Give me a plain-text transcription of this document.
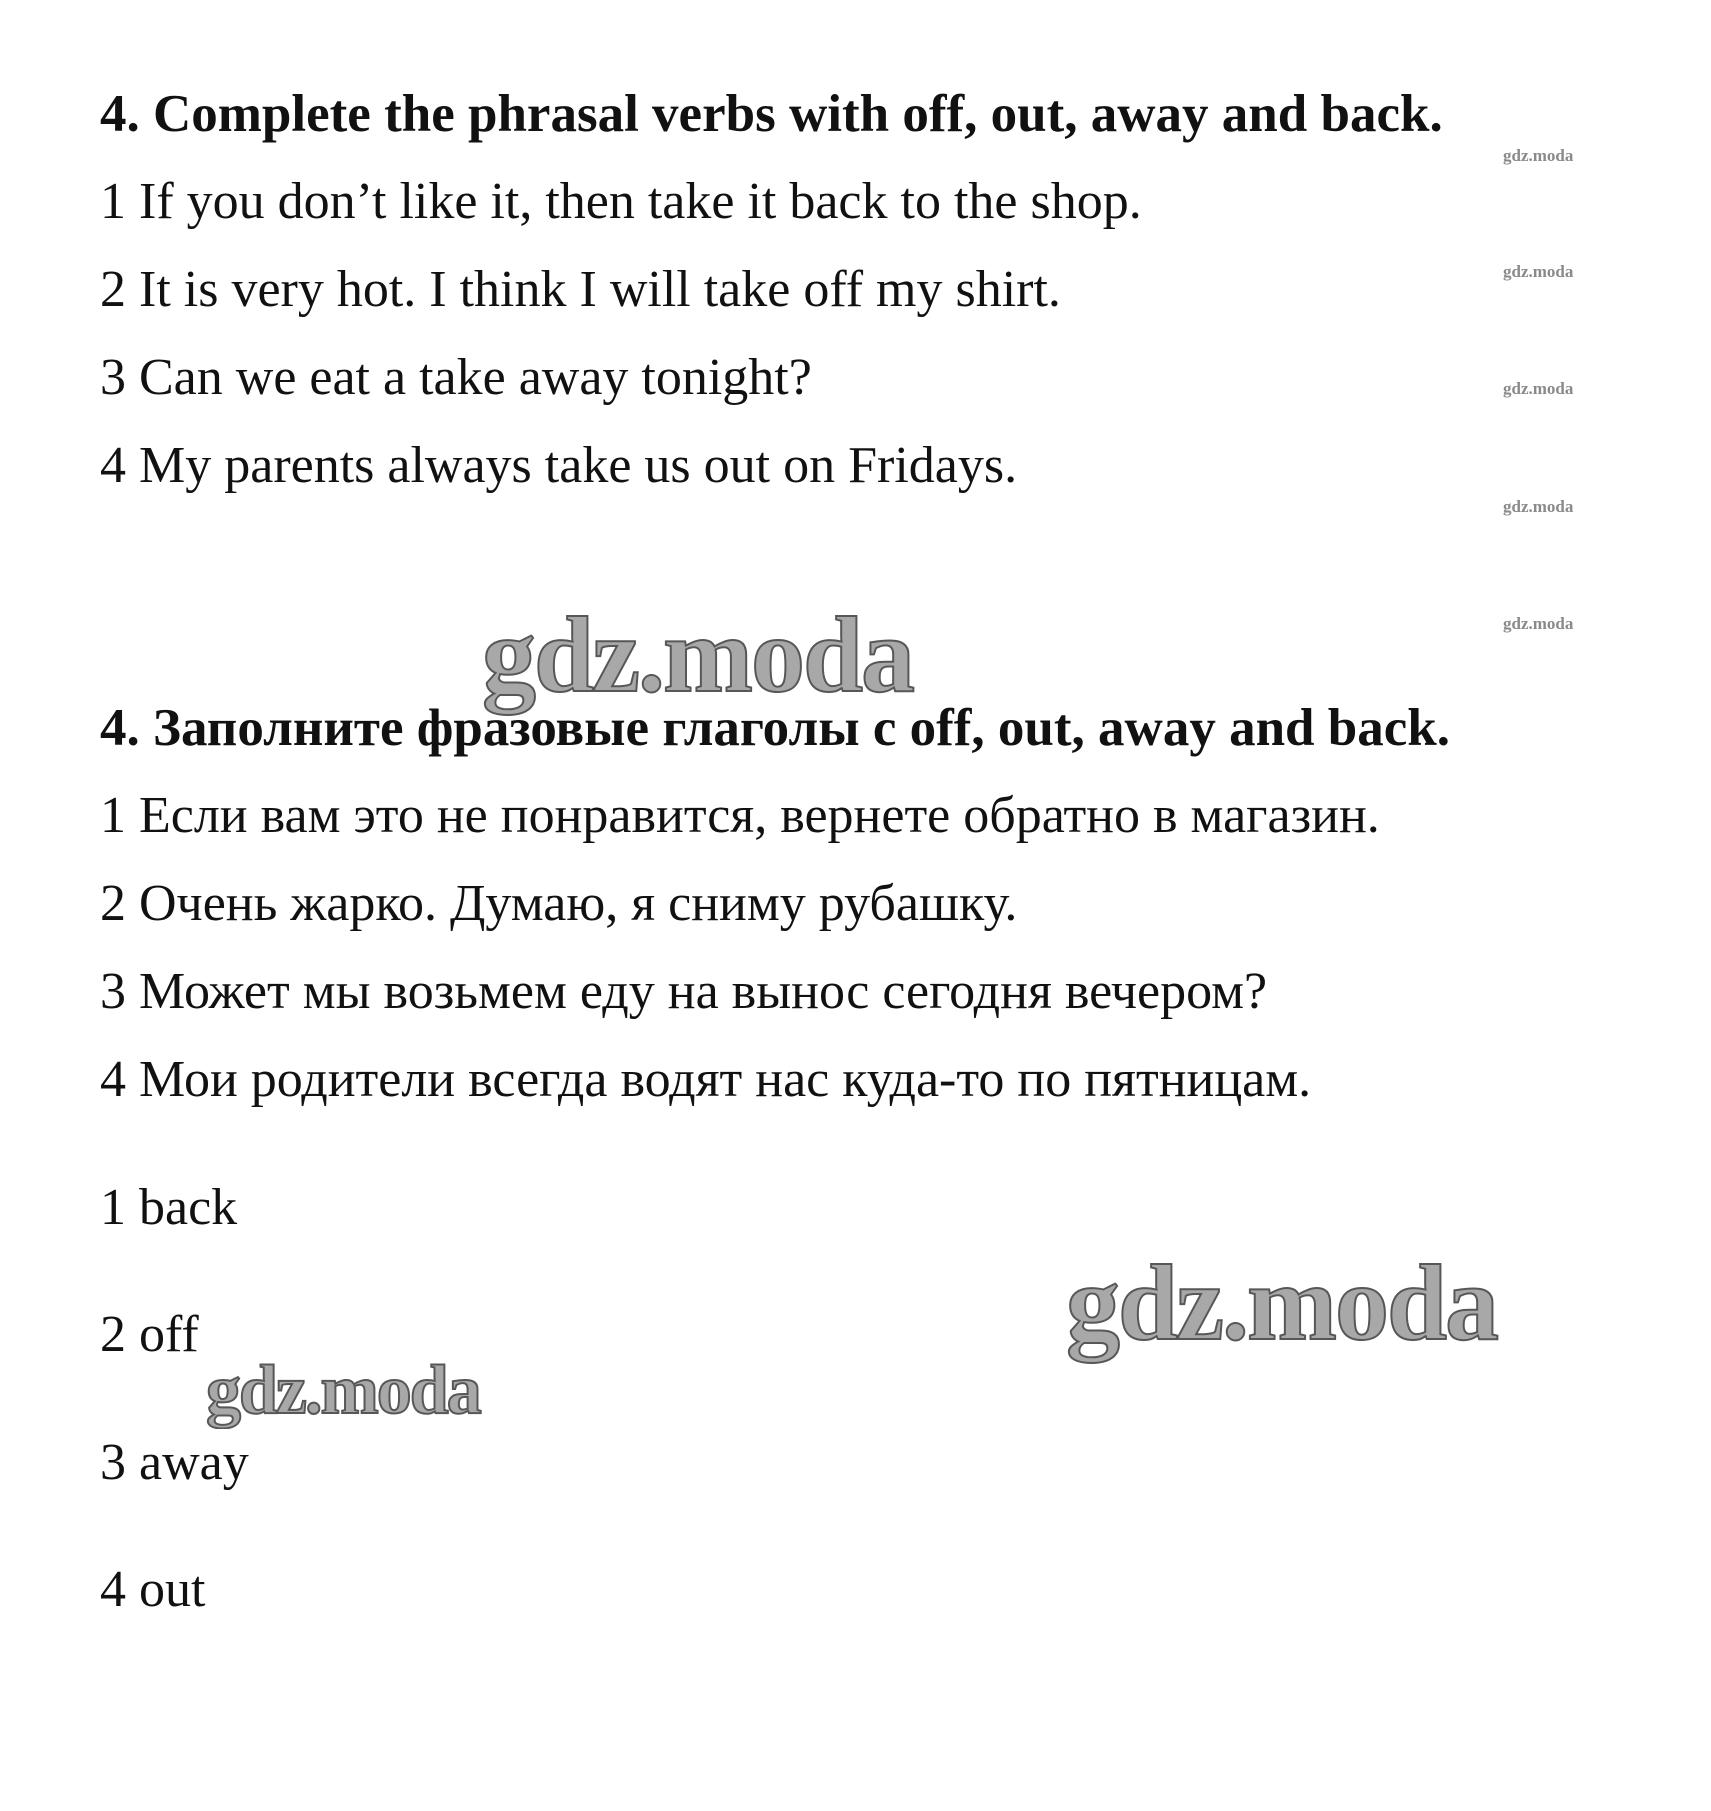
4. Complete the phrasal verbs with off, out, away and back.
1 If you don’t like it, then take it back to the shop.
2 It is very hot. I think I will take off my shirt.
3 Can we eat a take away tonight?
4 My parents always take us out on Fridays.
4. Заполните фразовые глаголы с off, out, away and back.
1 Если вам это не понравится, вернете обратно в магазин.
2 Очень жарко. Думаю, я сниму рубашку.
3 Может мы возьмем еду на вынос сегодня вечером?
4 Мои родители всегда водят нас куда-то по пятницам.
1 back
2 off
3 away
4 out
gdz.moda
gdz.moda
gdz.moda
gdz.moda
gdz.moda
gdz.moda
gdz.moda
gdz.moda
